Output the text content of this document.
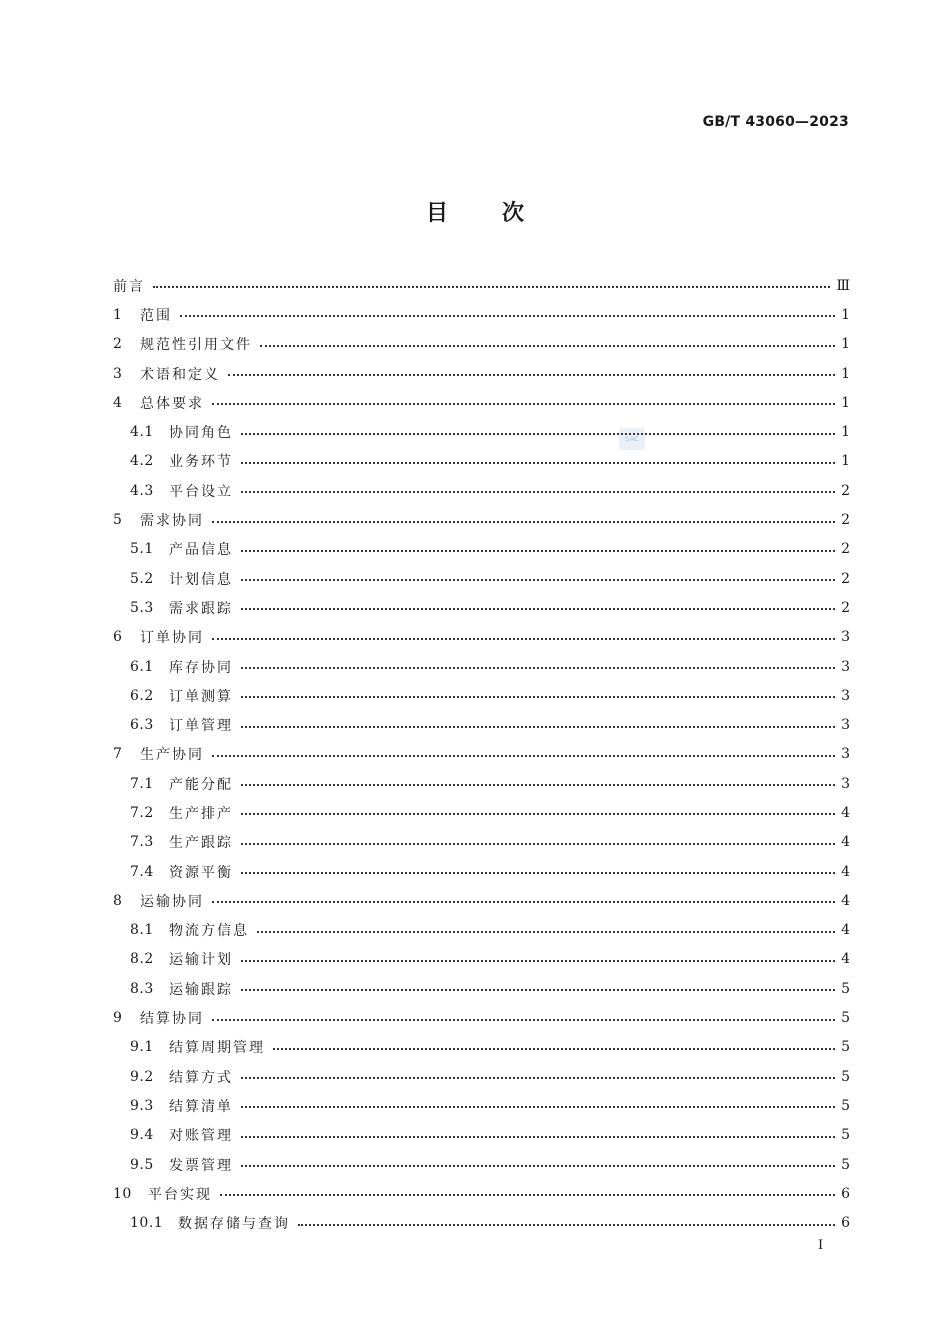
GB/T 43060—2023
目 次
SAC
前言	Ⅲ
1	范围	1
2	规范性引用文件	1
3	术语和定义	1
4	总体要求	1
4.1	协同角色	1
4.2	业务环节	1
4.3	平台设立	2
5	需求协同	2
5.1	产品信息	2
5.2	计划信息	2
5.3	需求跟踪	2
6	订单协同	3
6.1	库存协同	3
6.2	订单测算	3
6.3	订单管理	3
7	生产协同	3
7.1	产能分配	3
7.2	生产排产	4
7.3	生产跟踪	4
7.4	资源平衡	4
8	运输协同	4
8.1	物流方信息	4
8.2	运输计划	4
8.3	运输跟踪	5
9	结算协同	5
9.1	结算周期管理	5
9.2	结算方式	5
9.3	结算清单	5
9.4	对账管理	5
9.5	发票管理	5
10	平台实现	6
10.1	数据存储与查询	6
I
